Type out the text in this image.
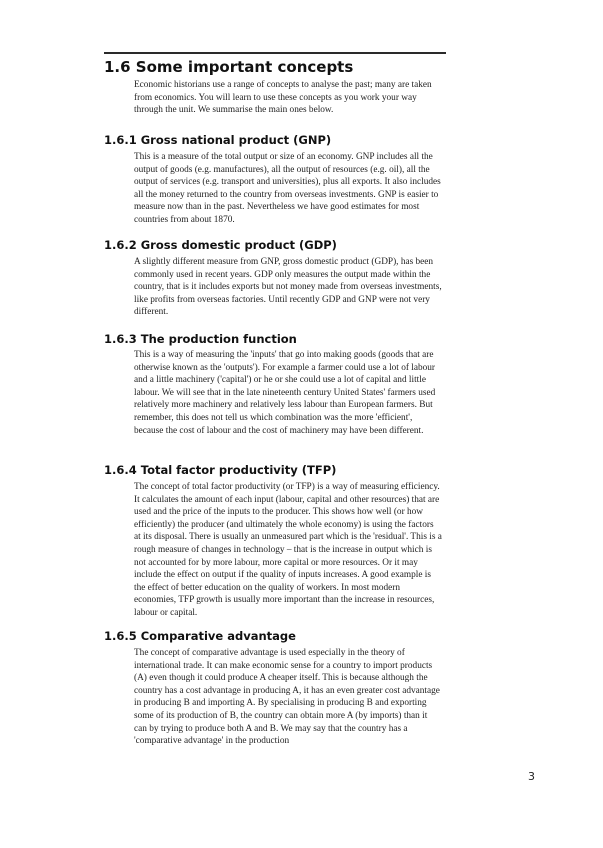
1.6 Some important concepts

Economic historians use a range of concepts to analyse the past; many are taken from economics. You will learn to use these concepts as you work your way through the unit. We summarise the main ones below.

1.6.1 Gross national product (GNP)

This is a measure of the total output or size of an economy. GNP includes all the output of goods (e.g. manufactures), all the output of resources (e.g. oil), all the output of services (e.g. transport and universities), plus all exports. It also includes all the money returned to the country from overseas investments. GNP is easier to measure now than in the past. Nevertheless we have good estimates for most countries from about 1870.

1.6.2 Gross domestic product (GDP)

A slightly different measure from GNP, gross domestic product (GDP), has been commonly used in recent years. GDP only measures the output made within the country, that is it includes exports but not money made from overseas investments, like profits from overseas factories. Until recently GDP and GNP were not very different.

1.6.3 The production function

This is a way of measuring the 'inputs' that go into making goods (goods that are otherwise known as the 'outputs'). For example a farmer could use a lot of labour and a little machinery ('capital') or he or she could use a lot of capital and little labour. We will see that in the late nineteenth century United States' farmers used relatively more machinery and relatively less labour than European farmers. But remember, this does not tell us which combination was the more 'efficient', because the cost of labour and the cost of machinery may have been different.

1.6.4 Total factor productivity (TFP)

The concept of total factor productivity (or TFP) is a way of measuring efficiency. It calculates the amount of each input (labour, capital and other resources) that are used and the price of the inputs to the producer. This shows how well (or how efficiently) the producer (and ultimately the whole economy) is using the factors at its disposal. There is usually an unmeasured part which is the 'residual'. This is a rough measure of changes in technology – that is the increase in output which is not accounted for by more labour, more capital or more resources. Or it may include the effect on output if the quality of inputs increases. A good example is the effect of better education on the quality of workers. In most modern economies, TFP growth is usually more important than the increase in resources, labour or capital.

1.6.5 Comparative advantage

The concept of comparative advantage is used especially in the theory of international trade. It can make economic sense for a country to import products (A) even though it could produce A cheaper itself. This is because although the country has a cost advantage in producing A, it has an even greater cost advantage in producing B and importing A. By specialising in producing B and exporting some of its production of B, the country can obtain more A (by imports) than it can by trying to produce both A and B. We may say that the country has a 'comparative advantage' in the production

3
